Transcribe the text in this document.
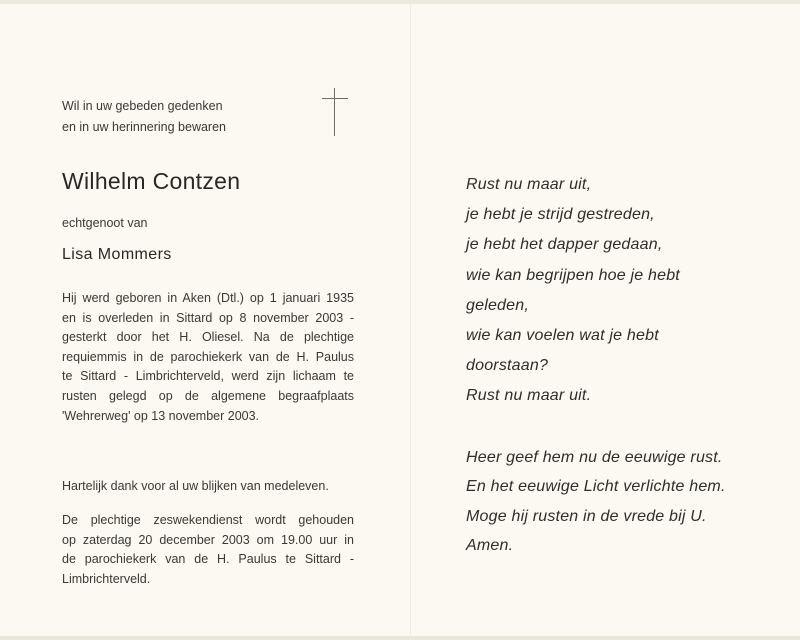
Wil in uw gebeden gedenken
en in uw herinnering bewaren
Wilhelm Contzen
echtgenoot van
Lisa Mommers
Hij werd geboren in Aken (Dtl.) op 1 januari 1935
en is overleden in Sittard op 8 november 2003 -
gesterkt door het H. Oliesel. Na de plechtige
requiemmis in de parochiekerk van de H. Paulus
te Sittard - Limbrichterveld, werd zijn lichaam te
rusten gelegd op de algemene begraafplaats
'Wehrerweg' op 13 november 2003.
Hartelijk dank voor al uw blijken van medeleven.
De plechtige zeswekendienst wordt gehouden
op zaterdag 20 december 2003 om 19.00 uur in
de parochiekerk van de H. Paulus te Sittard -
Limbrichterveld.
Rust nu maar uit,
je hebt je strijd gestreden,
je hebt het dapper gedaan,
wie kan begrijpen hoe je hebt
geleden,
wie kan voelen wat je hebt
doorstaan?
Rust nu maar uit.
Heer geef hem nu de eeuwige rust.
En het eeuwige Licht verlichte hem.
Moge hij rusten in de vrede bij U.
Amen.
